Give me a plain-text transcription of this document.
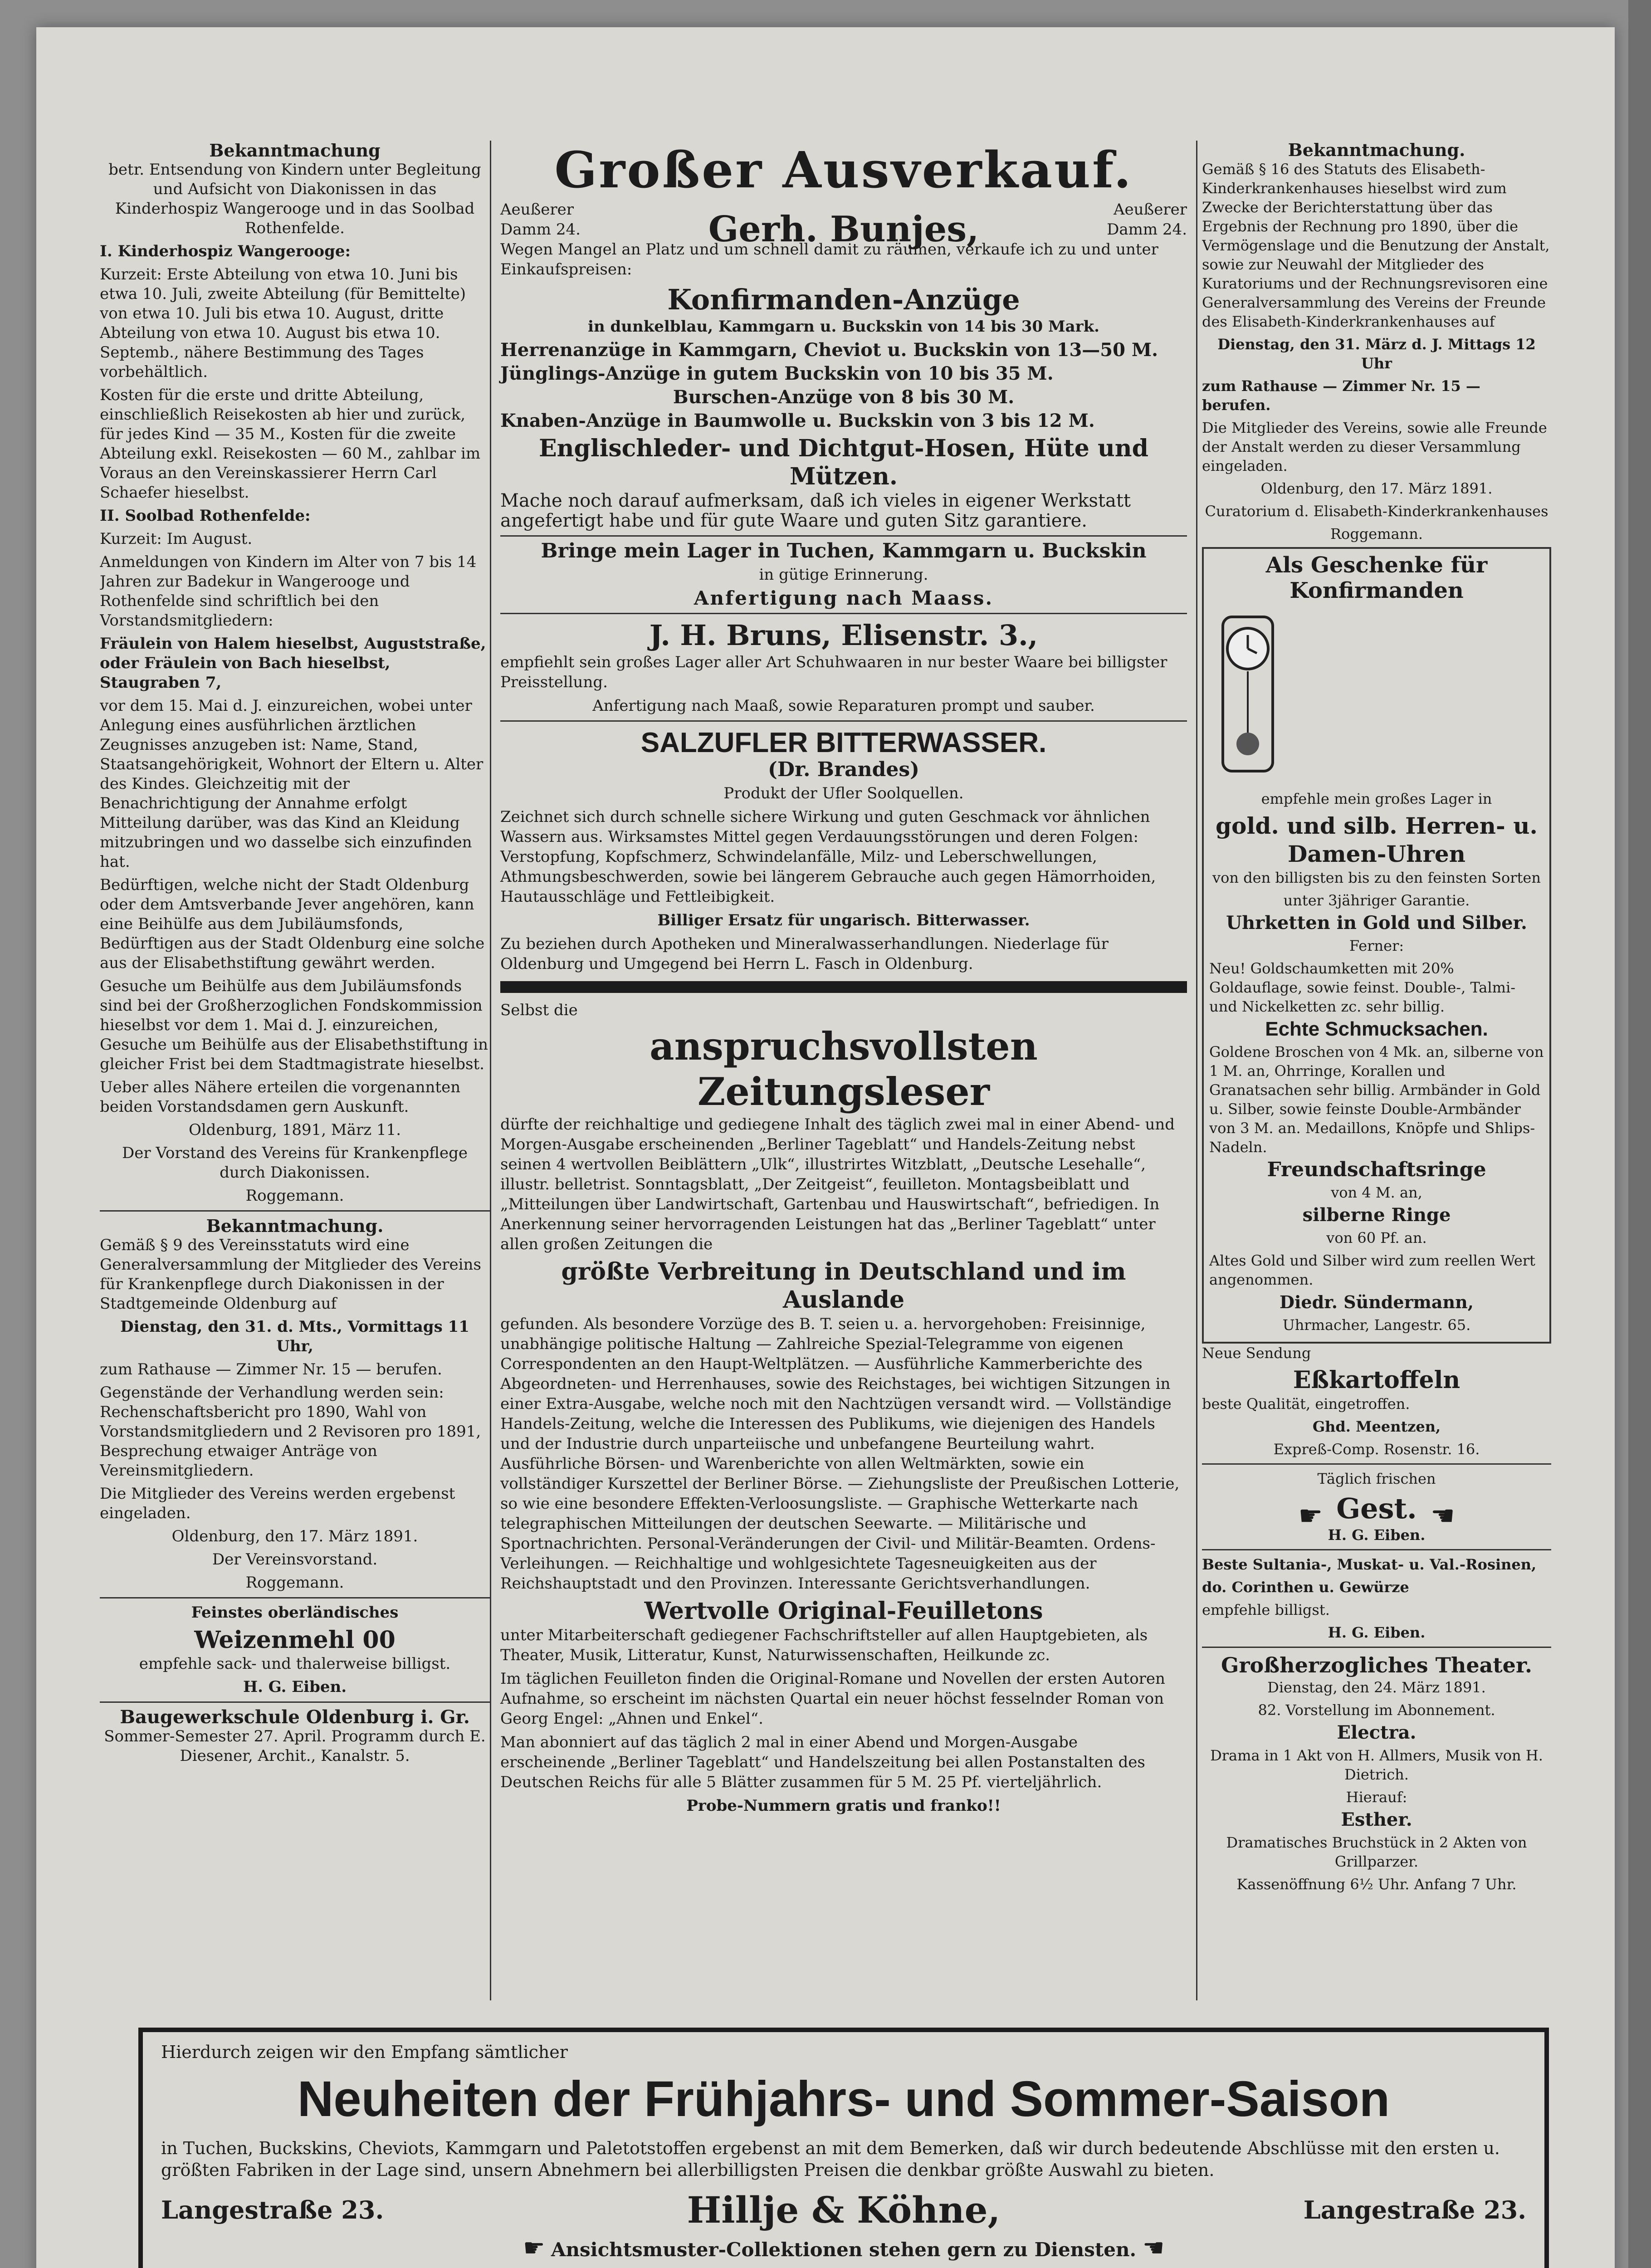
Bekanntmachung

betr. Entsendung von Kindern unter Begleitung und Aufsicht von Diakonissen in das Kinderhospiz Wangerooge und in das Soolbad Rothenfelde.

I. Kinderhospiz Wangerooge:

Kurzeit: Erste Abteilung von etwa 10. Juni bis etwa 10. Juli, zweite Abteilung (für Bemittelte) von etwa 10. Juli bis etwa 10. August, dritte Abteilung von etwa 10. August bis etwa 10. Septemb., nähere Bestimmung des Tages vorbehältlich.

Kosten für die erste und dritte Abteilung, einschließlich Reisekosten ab hier und zurück, für jedes Kind — 35 M., Kosten für die zweite Abteilung exkl. Reisekosten — 60 M., zahlbar im Voraus an den Vereinskassierer Herrn Carl Schaefer hieselbst.

II. Soolbad Rothenfelde:

Kurzeit: Im August.

Anmeldungen von Kindern im Alter von 7 bis 14 Jahren zur Badekur in Wangerooge und Rothenfelde sind schriftlich bei den Vorstandsmitgliedern:

Fräulein von Halem hieselbst, Auguststraße, oder Fräulein von Bach hieselbst, Staugraben 7,

vor dem 15. Mai d. J. einzureichen, wobei unter Anlegung eines ausführlichen ärztlichen Zeugnisses anzugeben ist: Name, Stand, Staatsangehörigkeit, Wohnort der Eltern u. Alter des Kindes. Gleichzeitig mit der Benachrichtigung der Annahme erfolgt Mitteilung darüber, was das Kind an Kleidung mitzubringen und wo dasselbe sich einzufinden hat.

Bedürftigen, welche nicht der Stadt Oldenburg oder dem Amtsverbande Jever angehören, kann eine Beihülfe aus dem Jubiläumsfonds, Bedürftigen aus der Stadt Oldenburg eine solche aus der Elisabethstiftung gewährt werden.

Gesuche um Beihülfe aus dem Jubiläumsfonds sind bei der Großherzoglichen Fondskommission hieselbst vor dem 1. Mai d. J. einzureichen, Gesuche um Beihülfe aus der Elisabethstiftung in gleicher Frist bei dem Stadtmagistrate hieselbst.

Ueber alles Nähere erteilen die vorgenannten beiden Vorstandsdamen gern Auskunft.

Oldenburg, 1891, März 11.

Der Vorstand des Vereins für Krankenpflege durch Diakonissen.

Roggemann.

Bekanntmachung.

Gemäß § 9 des Vereinsstatuts wird eine Generalversammlung der Mitglieder des Vereins für Krankenpflege durch Diakonissen in der Stadtgemeinde Oldenburg auf

Dienstag, den 31. d. Mts., Vormittags 11 Uhr,

zum Rathause — Zimmer Nr. 15 — berufen.

Gegenstände der Verhandlung werden sein: Rechenschaftsbericht pro 1890, Wahl von Vorstandsmitgliedern und 2 Revisoren pro 1891, Besprechung etwaiger Anträge von Vereinsmitgliedern.

Die Mitglieder des Vereins werden ergebenst eingeladen.

Oldenburg, den 17. März 1891.

Der Vereinsvorstand.

Roggemann.

Feinstes oberländisches

Weizenmehl 00

empfehle sack- und thalerweise billigst.

H. G. Eiben.

Baugewerkschule Oldenburg i. Gr.

Sommer-Semester 27. April. Programm durch E. Diesener, Archit., Kanalstr. 5.

Großer Ausverkauf.
Aeußerer Damm 24.	Gerh. Bunjes,	Aeußerer Damm 24.

Wegen Mangel an Platz und um schnell damit zu räumen, verkaufe ich zu und unter Einkaufspreisen:

Konfirmanden-Anzüge

in dunkelblau, Kammgarn u. Buckskin von 14 bis 30 Mark.

Herrenanzüge in Kammgarn, Cheviot u. Buckskin von 13—50 M.

Jünglings-Anzüge in gutem Buckskin von 10 bis 35 M.

Burschen-Anzüge von 8 bis 30 M.

Knaben-Anzüge in Baumwolle u. Buckskin von 3 bis 12 M.

Englischleder- und Dichtgut-Hosen, Hüte und Mützen.

Mache noch darauf aufmerksam, daß ich vieles in eigener Werkstatt angefertigt habe und für gute Waare und guten Sitz garantiere.

Bringe mein Lager in Tuchen, Kammgarn u. Buckskin

in gütige Erinnerung.

Anfertigung nach Maass.

J. H. Bruns, Elisenstr. 3.,

empfiehlt sein großes Lager aller Art Schuhwaaren in nur bester Waare bei billigster Preisstellung.

Anfertigung nach Maaß, sowie Reparaturen prompt und sauber.

SALZUFLER BITTERWASSER.

(Dr. Brandes)

Produkt der Ufler Soolquellen.

Zeichnet sich durch schnelle sichere Wirkung und guten Geschmack vor ähnlichen Wassern aus. Wirksamstes Mittel gegen Verdauungsstörungen und deren Folgen: Verstopfung, Kopfschmerz, Schwindelanfälle, Milz- und Leberschwellungen, Athmungsbeschwerden, sowie bei längerem Gebrauche auch gegen Hämorrhoiden, Hautausschläge und Fettleibigkeit.

Billiger Ersatz für ungarisch. Bitterwasser.

Zu beziehen durch Apotheken und Mineralwasserhandlungen. Niederlage für Oldenburg und Umgegend bei Herrn L. Fasch in Oldenburg.

Selbst die

anspruchsvollsten Zeitungsleser

dürfte der reichhaltige und gediegene Inhalt des täglich zwei mal in einer Abend- und Morgen-Ausgabe erscheinenden „Berliner Tageblatt“ und Handels-Zeitung nebst seinen 4 wertvollen Beiblättern „Ulk“, illustrirtes Witzblatt, „Deutsche Lesehalle“, illustr. belletrist. Sonntagsblatt, „Der Zeitgeist“, feuilleton. Montagsbeiblatt und „Mitteilungen über Landwirtschaft, Gartenbau und Hauswirtschaft“, befriedigen. In Anerkennung seiner hervorragenden Leistungen hat das „Berliner Tageblatt“ unter allen großen Zeitungen die

größte Verbreitung in Deutschland und im Auslande

gefunden. Als besondere Vorzüge des B. T. seien u. a. hervorgehoben: Freisinnige, unabhängige politische Haltung — Zahlreiche Spezial-Telegramme von eigenen Correspondenten an den Haupt-Weltplätzen. — Ausführliche Kammerberichte des Abgeordneten- und Herrenhauses, sowie des Reichstages, bei wichtigen Sitzungen in einer Extra-Ausgabe, welche noch mit den Nachtzügen versandt wird. — Vollständige Handels-Zeitung, welche die Interessen des Publikums, wie diejenigen des Handels und der Industrie durch unparteiische und unbefangene Beurteilung wahrt. Ausführliche Börsen- und Warenberichte von allen Weltmärkten, sowie ein vollständiger Kurszettel der Berliner Börse. — Ziehungsliste der Preußischen Lotterie, so wie eine besondere Effekten-Verloosungsliste. — Graphische Wetterkarte nach telegraphischen Mitteilungen der deutschen Seewarte. — Militärische und Sportnachrichten. Personal-Veränderungen der Civil- und Militär-Beamten. Ordens-Verleihungen. — Reichhaltige und wohlgesichtete Tagesneuigkeiten aus der Reichshauptstadt und den Provinzen. Interessante Gerichtsverhandlungen.

Wertvolle Original-Feuilletons

unter Mitarbeiterschaft gediegener Fachschriftsteller auf allen Hauptgebieten, als Theater, Musik, Litteratur, Kunst, Naturwissenschaften, Heilkunde zc.

Im täglichen Feuilleton finden die Original-Romane und Novellen der ersten Autoren Aufnahme, so erscheint im nächsten Quartal ein neuer höchst fesselnder Roman von Georg Engel: „Ahnen und Enkel“.

Man abonniert auf das täglich 2 mal in einer Abend und Morgen-Ausgabe erscheinende „Berliner Tageblatt“ und Handelszeitung bei allen Postanstalten des Deutschen Reichs für alle 5 Blätter zusammen für 5 M. 25 Pf. vierteljährlich.

Probe-Nummern gratis und franko!!

Bekanntmachung.

Gemäß § 16 des Statuts des Elisabeth-Kinderkrankenhauses hieselbst wird zum Zwecke der Berichterstattung über das Ergebnis der Rechnung pro 1890, über die Vermögenslage und die Benutzung der Anstalt, sowie zur Neuwahl der Mitglieder des Kuratoriums und der Rechnungsrevisoren eine Generalversammlung des Vereins der Freunde des Elisabeth-Kinderkrankenhauses auf

Dienstag, den 31. März d. J. Mittags 12 Uhr

zum Rathause — Zimmer Nr. 15 — berufen.

Die Mitglieder des Vereins, sowie alle Freunde der Anstalt werden zu dieser Versammlung eingeladen.

Oldenburg, den 17. März 1891.

Curatorium d. Elisabeth-Kinderkrankenhauses

Roggemann.

Als Geschenke für Konfirmanden

empfehle mein großes Lager in

gold. und silb. Herren- u. Damen-Uhren

von den billigsten bis zu den feinsten Sorten

unter 3jähriger Garantie.

Uhrketten in Gold und Silber.

Ferner:

Neu! Goldschaumketten mit 20% Goldauflage, sowie feinst. Double-, Talmi- und Nickelketten zc. sehr billig.

Echte Schmucksachen.

Goldene Broschen von 4 Mk. an, silberne von 1 M. an, Ohrringe, Korallen und Granatsachen sehr billig. Armbänder in Gold u. Silber, sowie feinste Double-Armbänder von 3 M. an. Medaillons, Knöpfe und Shlips-Nadeln.

Freundschaftsringe

von 4 M. an,

silberne Ringe

von 60 Pf. an.

Altes Gold und Silber wird zum reellen Wert angenommen.

Diedr. Sündermann,

Uhrmacher, Langestr. 65.

Neue Sendung

Eßkartoffeln

beste Qualität, eingetroffen.

Ghd. Meentzen,

Expreß-Comp. Rosenstr. 16.

Täglich frischen

☛ Gest. ☛

H. G. Eiben.

Beste Sultania-, Muskat- u. Val.-Rosinen,

do. Corinthen u. Gewürze

empfehle billigst.

H. G. Eiben.

Großherzogliches Theater.

Dienstag, den 24. März 1891.

82. Vorstellung im Abonnement.

Electra.

Drama in 1 Akt von H. Allmers, Musik von H. Dietrich.

Hierauf:

Esther.

Dramatisches Bruchstück in 2 Akten von Grillparzer.

Kassenöffnung 6½ Uhr. Anfang 7 Uhr.

Hierdurch zeigen wir den Empfang sämtlicher

Neuheiten der Frühjahrs- und Sommer-Saison

in Tuchen, Buckskins, Cheviots, Kammgarn und Paletotstoffen ergebenst an mit dem Bemerken, daß wir durch bedeutende Abschlüsse mit den ersten u. größten Fabriken in der Lage sind, unsern Abnehmern bei allerbilligsten Preisen die denkbar größte Auswahl zu bieten.

Langestraße 23.	Hillje & Köhne,	Langestraße 23.
☛ Ansichtsmuster-Collektionen stehen gern zu Diensten. ☛
